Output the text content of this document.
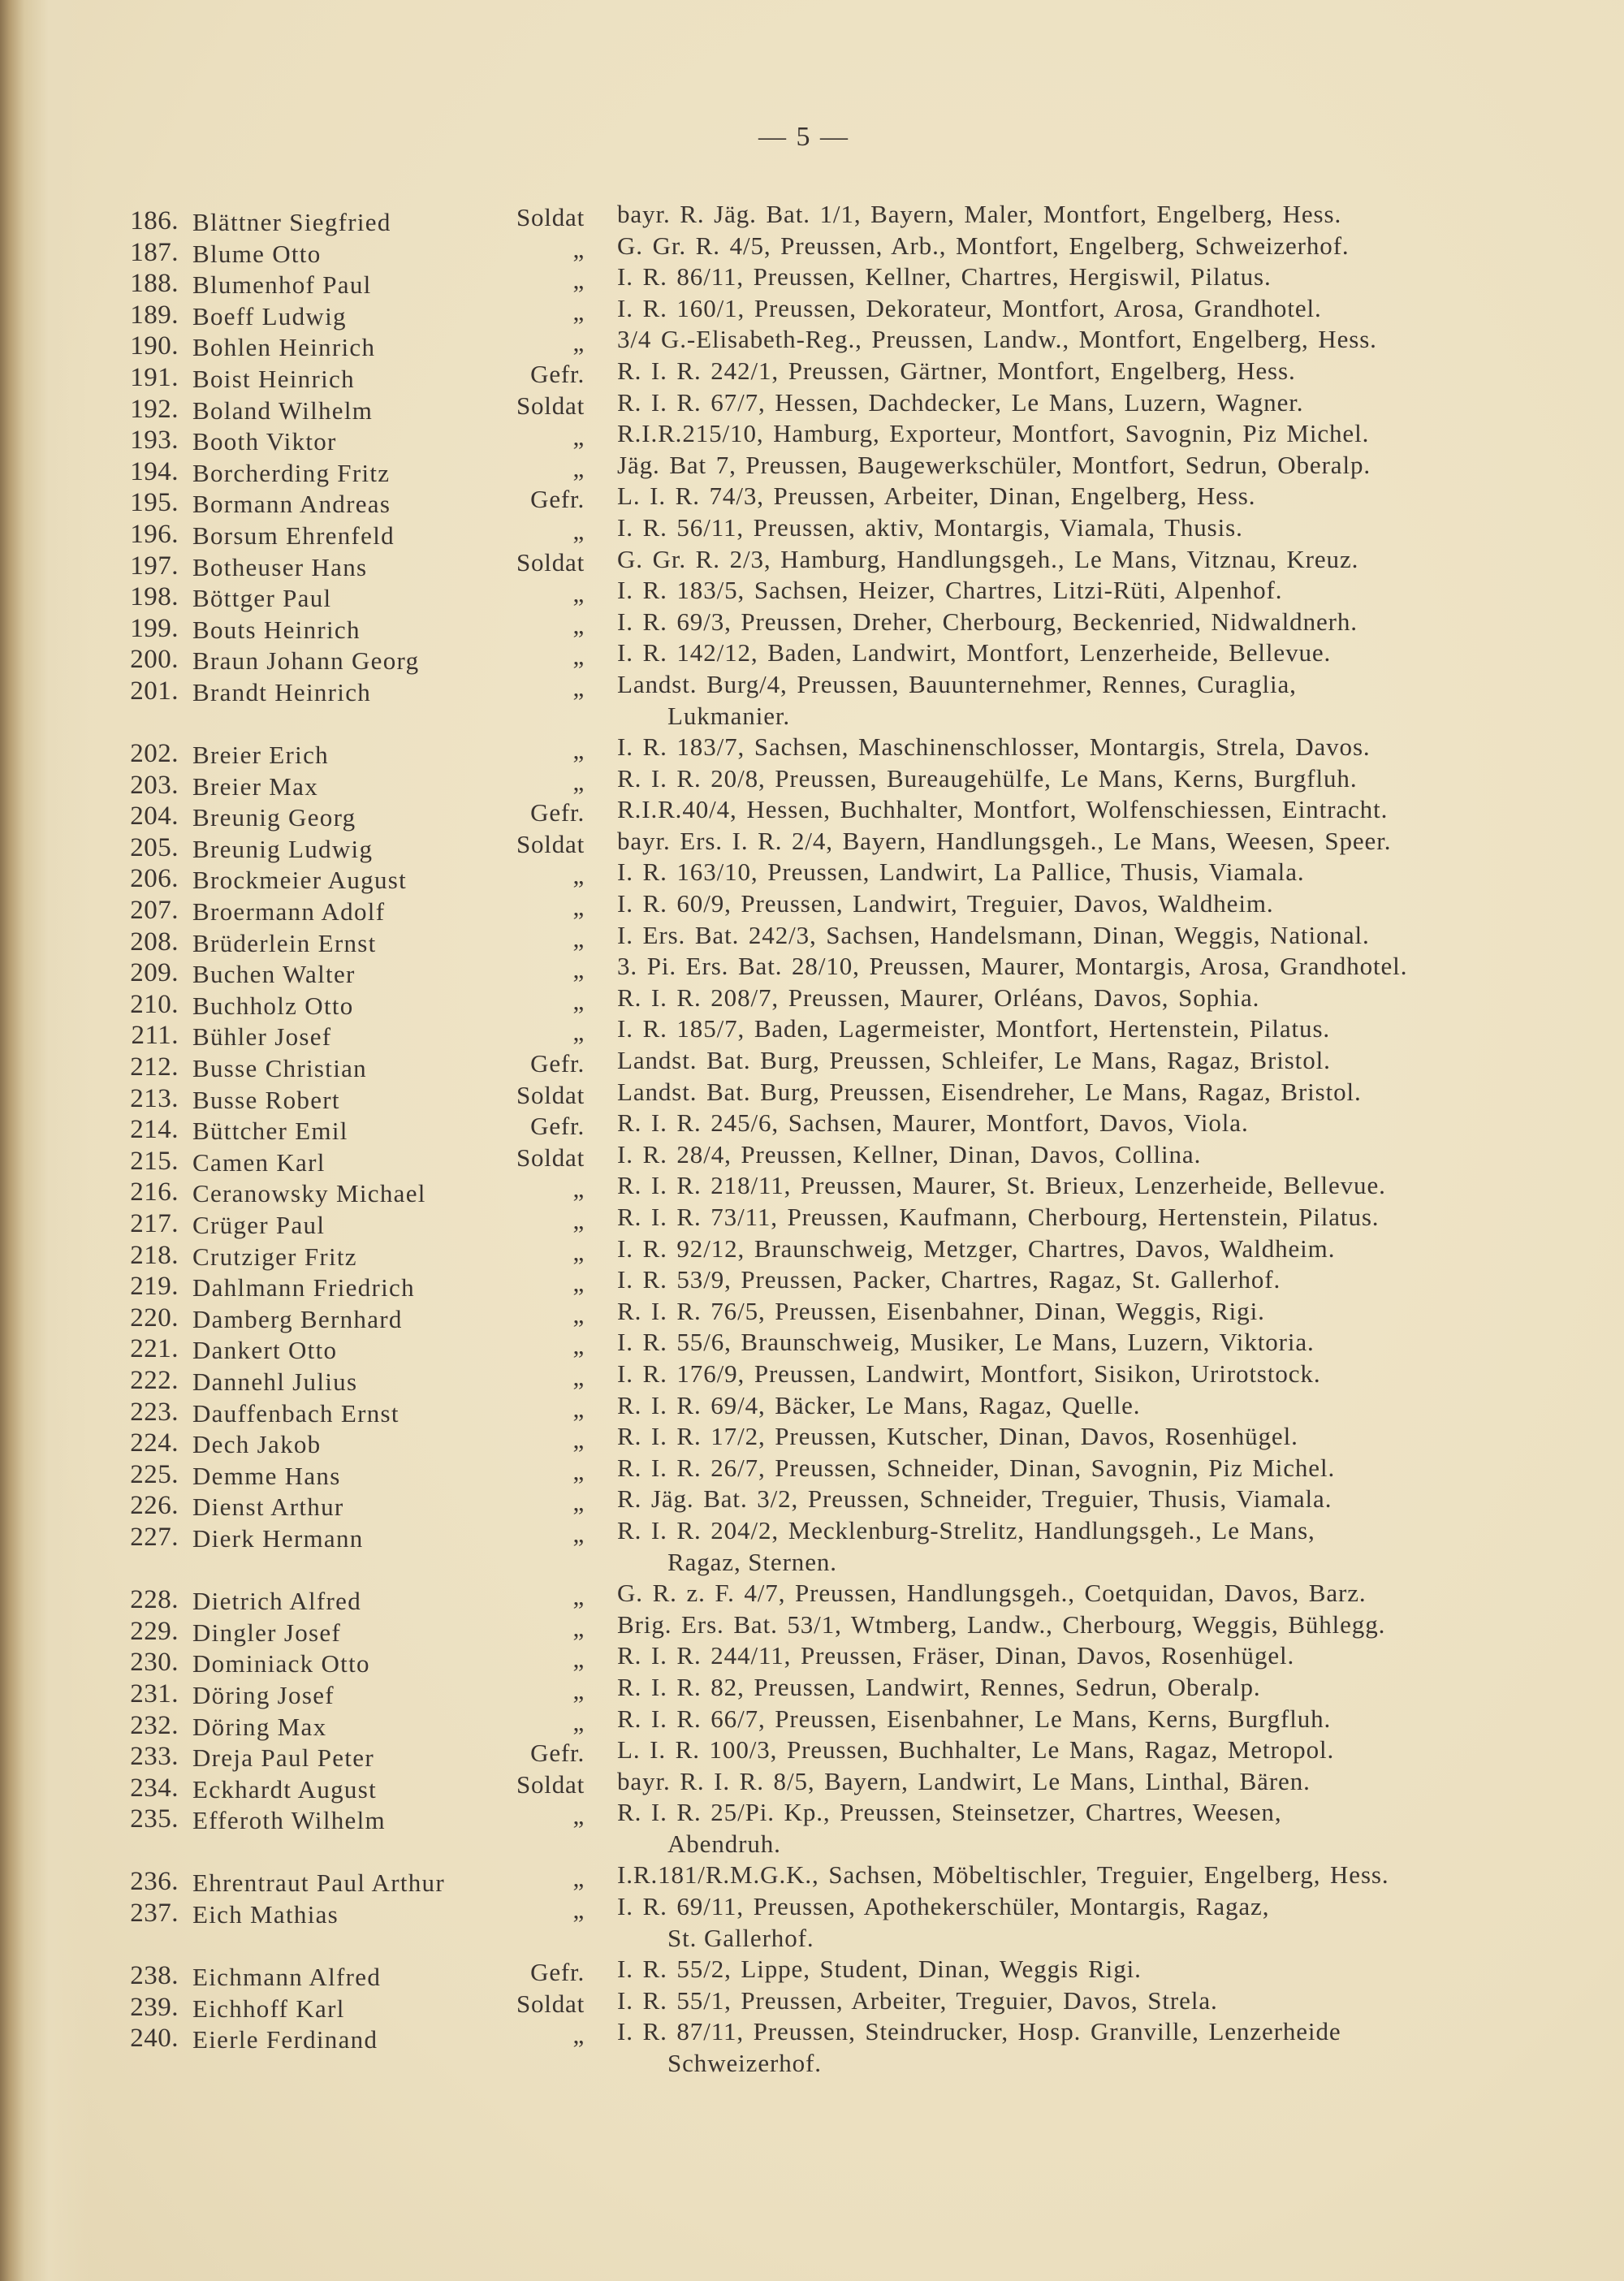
— 5 —
186. Blättner Siegfried	Soldat bayr. R. Jäg. Bat. 1/1, Bayern, Maler, Montfort, Engelberg, Hess.
187. Blume Otto	„ G. Gr. R. 4/5, Preussen, Arb., Montfort, Engelberg, Schweizerhof.
188. Blumenhof Paul	„ I. R. 86/11, Preussen, Kellner, Chartres, Hergiswil, Pilatus.
189. Boeff Ludwig	„ I. R. 160/1, Preussen, Dekorateur, Montfort, Arosa, Grandhotel.
190. Bohlen Heinrich	„ 3/4 G.-Elisabeth-Reg., Preussen, Landw., Montfort, Engelberg, Hess.
191. Boist Heinrich	Gefr. R. I. R. 242/1, Preussen, Gärtner, Montfort, Engelberg, Hess.
192. Boland Wilhelm	Soldat R. I. R. 67/7, Hessen, Dachdecker, Le Mans, Luzern, Wagner.
193. Booth Viktor	„ R.I.R.215/10, Hamburg, Exporteur, Montfort, Savognin, Piz Michel.
194. Borcherding Fritz	„ Jäg. Bat 7, Preussen, Baugewerkschüler, Montfort, Sedrun, Oberalp.
195. Bormann Andreas	Gefr. L. I. R. 74/3, Preussen, Arbeiter, Dinan, Engelberg, Hess.
196. Borsum Ehrenfeld	„ I. R. 56/11, Preussen, aktiv, Montargis, Viamala, Thusis.
197. Botheuser Hans	Soldat G. Gr. R. 2/3, Hamburg, Handlungsgeh., Le Mans, Vitznau, Kreuz.
198. Böttger Paul	„ I. R. 183/5, Sachsen, Heizer, Chartres, Litzi-Rüti, Alpenhof.
199. Bouts Heinrich	„ I. R. 69/3, Preussen, Dreher, Cherbourg, Beckenried, Nidwaldnerh.
200. Braun Johann Georg	„ I. R. 142/12, Baden, Landwirt, Montfort, Lenzerheide, Bellevue.
201. Brandt Heinrich	„ Landst. Burg/4, Preussen, Bauunternehmer, Rennes, Curaglia,
Lukmanier.
202. Breier Erich	„ I. R. 183/7, Sachsen, Maschinenschlosser, Montargis, Strela, Davos.
203. Breier Max	„ R. I. R. 20/8, Preussen, Bureaugehülfe, Le Mans, Kerns, Burgfluh.
204. Breunig Georg	Gefr. R.I.R.40/4, Hessen, Buchhalter, Montfort, Wolfenschiessen, Eintracht.
205. Breunig Ludwig	Soldat bayr. Ers. I. R. 2/4, Bayern, Handlungsgeh., Le Mans, Weesen, Speer.
206. Brockmeier August	„ I. R. 163/10, Preussen, Landwirt, La Pallice, Thusis, Viamala.
207. Broermann Adolf	„ I. R. 60/9, Preussen, Landwirt, Treguier, Davos, Waldheim.
208. Brüderlein Ernst	„ I. Ers. Bat. 242/3, Sachsen, Handelsmann, Dinan, Weggis, National.
209. Buchen Walter	„ 3. Pi. Ers. Bat. 28/10, Preussen, Maurer, Montargis, Arosa, Grandhotel.
210. Buchholz Otto	„ R. I. R. 208/7, Preussen, Maurer, Orléans, Davos, Sophia.
211. Bühler Josef	„ I. R. 185/7, Baden, Lagermeister, Montfort, Hertenstein, Pilatus.
212. Busse Christian	Gefr. Landst. Bat. Burg, Preussen, Schleifer, Le Mans, Ragaz, Bristol.
213. Busse Robert	Soldat Landst. Bat. Burg, Preussen, Eisendreher, Le Mans, Ragaz, Bristol.
214. Büttcher Emil	Gefr. R. I. R. 245/6, Sachsen, Maurer, Montfort, Davos, Viola.
215. Camen Karl	Soldat I. R. 28/4, Preussen, Kellner, Dinan, Davos, Collina.
216. Ceranowsky Michael	„ R. I. R. 218/11, Preussen, Maurer, St. Brieux, Lenzerheide, Bellevue.
217. Crüger Paul	„ R. I. R. 73/11, Preussen, Kaufmann, Cherbourg, Hertenstein, Pilatus.
218. Crutziger Fritz	„ I. R. 92/12, Braunschweig, Metzger, Chartres, Davos, Waldheim.
219. Dahlmann Friedrich	„ I. R. 53/9, Preussen, Packer, Chartres, Ragaz, St. Gallerhof.
220. Damberg Bernhard	„ R. I. R. 76/5, Preussen, Eisenbahner, Dinan, Weggis, Rigi.
221. Dankert Otto	„ I. R. 55/6, Braunschweig, Musiker, Le Mans, Luzern, Viktoria.
222. Dannehl Julius	„ I. R. 176/9, Preussen, Landwirt, Montfort, Sisikon, Urirotstock.
223. Dauffenbach Ernst	„ R. I. R. 69/4, Bäcker, Le Mans, Ragaz, Quelle.
224. Dech Jakob	„ R. I. R. 17/2, Preussen, Kutscher, Dinan, Davos, Rosenhügel.
225. Demme Hans	„ R. I. R. 26/7, Preussen, Schneider, Dinan, Savognin, Piz Michel.
226. Dienst Arthur	„ R. Jäg. Bat. 3/2, Preussen, Schneider, Treguier, Thusis, Viamala.
227. Dierk Hermann	„ R. I. R. 204/2, Mecklenburg-Strelitz, Handlungsgeh., Le Mans,
Ragaz, Sternen.
228. Dietrich Alfred	„ G. R. z. F. 4/7, Preussen, Handlungsgeh., Coetquidan, Davos, Barz.
229. Dingler Josef	„ Brig. Ers. Bat. 53/1, Wtmberg, Landw., Cherbourg, Weggis, Bühlegg.
230. Dominiack Otto	„ R. I. R. 244/11, Preussen, Fräser, Dinan, Davos, Rosenhügel.
231. Döring Josef	„ R. I. R. 82, Preussen, Landwirt, Rennes, Sedrun, Oberalp.
232. Döring Max	„ R. I. R. 66/7, Preussen, Eisenbahner, Le Mans, Kerns, Burgfluh.
233. Dreja Paul Peter	Gefr. L. I. R. 100/3, Preussen, Buchhalter, Le Mans, Ragaz, Metropol.
234. Eckhardt August	Soldat bayr. R. I. R. 8/5, Bayern, Landwirt, Le Mans, Linthal, Bären.
235. Efferoth Wilhelm	„ R. I. R. 25/Pi. Kp., Preussen, Steinsetzer, Chartres, Weesen,
Abendruh.
236. Ehrentraut Paul Arthur	„ I.R.181/R.M.G.K., Sachsen, Möbeltischler, Treguier, Engelberg, Hess.
237. Eich Mathias	„ I. R. 69/11, Preussen, Apothekerschüler, Montargis, Ragaz,
St. Gallerhof.
238. Eichmann Alfred	Gefr. I. R. 55/2, Lippe, Student, Dinan, Weggis Rigi.
239. Eichhoff Karl	Soldat I. R. 55/1, Preussen, Arbeiter, Treguier, Davos, Strela.
240. Eierle Ferdinand	„ I. R. 87/11, Preussen, Steindrucker, Hosp. Granville, Lenzerheide
Schweizerhof.
